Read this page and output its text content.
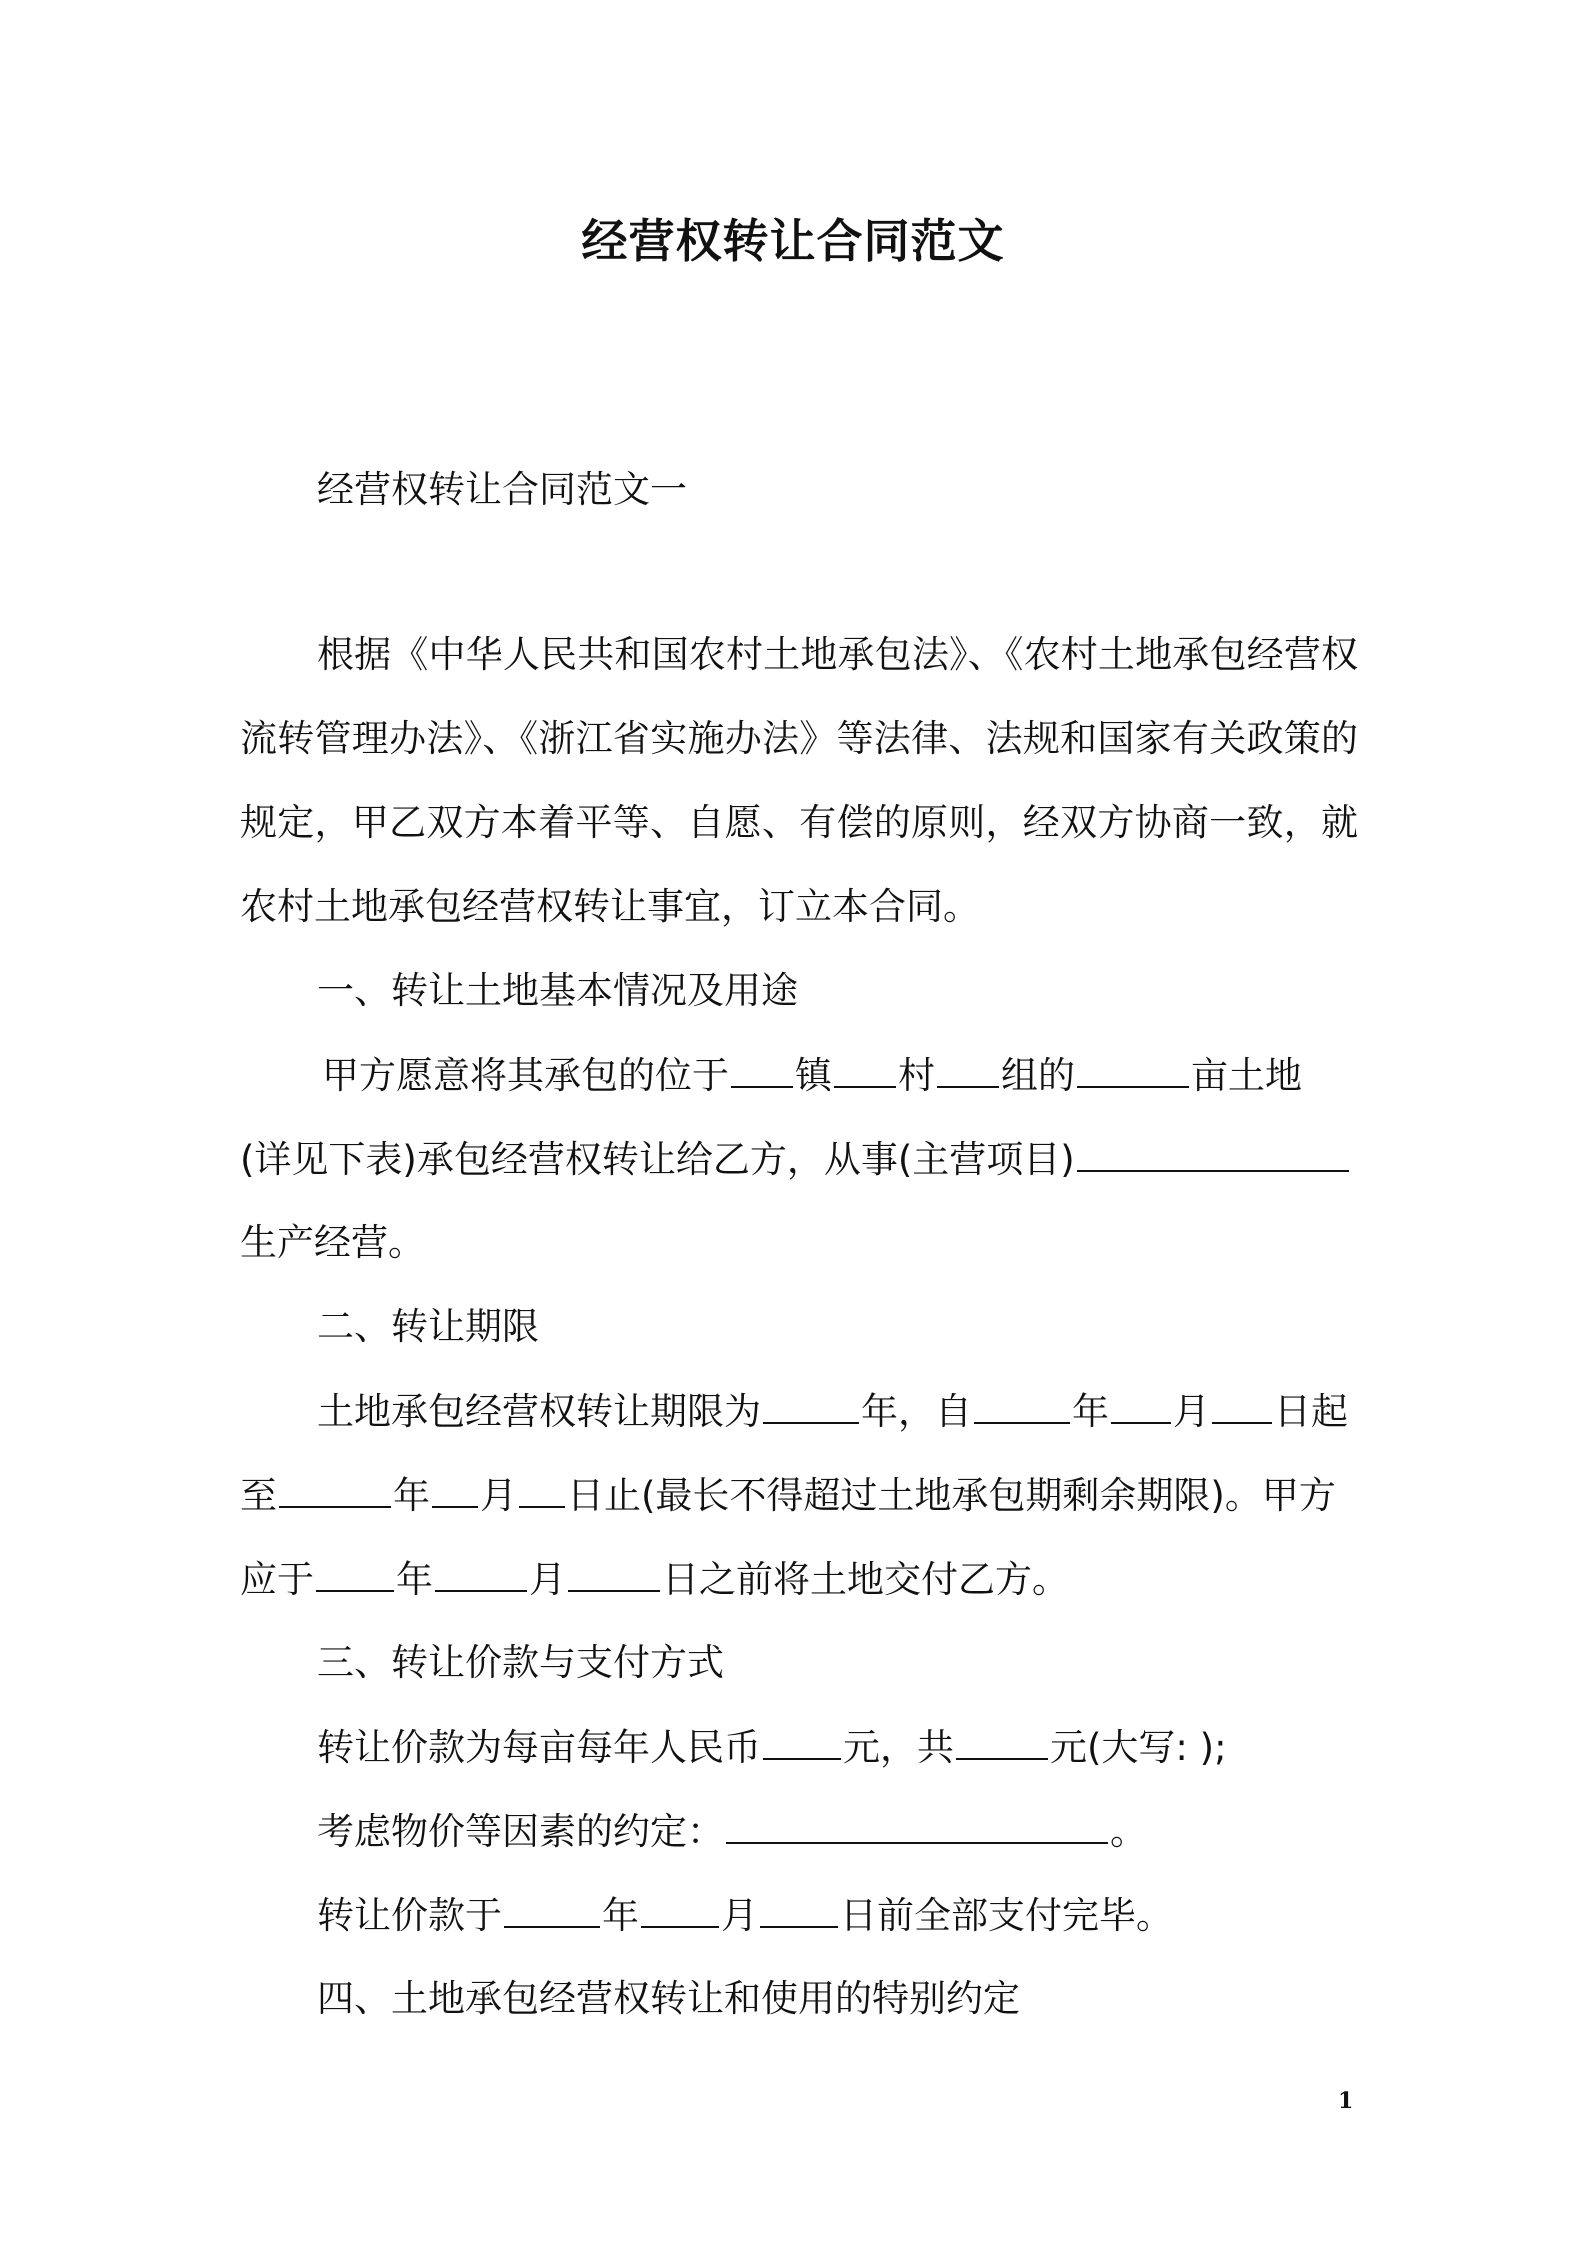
经营权转让合同范文
经营权转让合同范文一
根据《中华人民共和国农村土地承包法》、《农村土地承包经营权
流转管理办法》、《浙江省实施办法》等法律、法规和国家有关政策的
规定，甲乙双方本着平等、自愿、有偿的原则，经双方协商一致，就
农村土地承包经营权转让事宜，订立本合同。
一、转让土地基本情况及用途
甲方愿意将其承包的位于 镇 村 组的	亩土地
(详见下表)承包经营权转让给乙方，从事(主营项目)
生产经营。
二、转让期限
土地承包经营权转让期限为	年，自	年 月 日起
至	年 月 日止(最长不得超过土地承包期剩余期限)。甲方
应于 年	月	日之前将土地交付乙方。
三、转让价款与支付方式
转让价款为每亩每年人民币 元，共	元(大写: );
考虑物价等因素的约定：	。
转让价款于	年 月 日前全部支付完毕。
四、土地承包经营权转让和使用的特别约定
1
